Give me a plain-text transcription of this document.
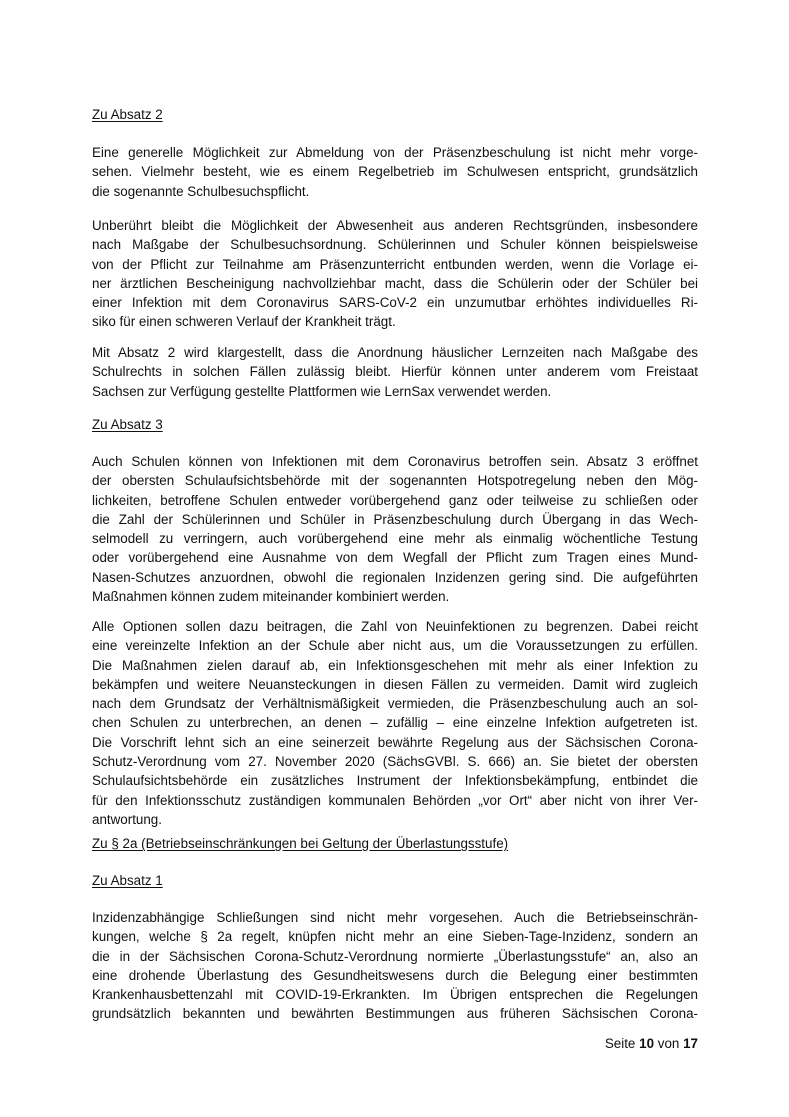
Zu Absatz 2

Eine generelle Möglichkeit zur Abmeldung von der Präsenzbeschulung ist nicht mehr vorge-
sehen. Vielmehr besteht, wie es einem Regelbetrieb im Schulwesen entspricht, grundsätzlich
die sogenannte Schulbesuchspflicht.

Unberührt bleibt die Möglichkeit der Abwesenheit aus anderen Rechtsgründen, insbesondere
nach Maßgabe der Schulbesuchsordnung. Schülerinnen und Schuler können beispielsweise
von der Pflicht zur Teilnahme am Präsenzunterricht entbunden werden, wenn die Vorlage ei-
ner ärztlichen Bescheinigung nachvollziehbar macht, dass die Schülerin oder der Schüler bei
einer Infektion mit dem Coronavirus SARS-CoV-2 ein unzumutbar erhöhtes individuelles Ri-
siko für einen schweren Verlauf der Krankheit trägt.

Mit Absatz 2 wird klargestellt, dass die Anordnung häuslicher Lernzeiten nach Maßgabe des
Schulrechts in solchen Fällen zulässig bleibt. Hierfür können unter anderem vom Freistaat
Sachsen zur Verfügung gestellte Plattformen wie LernSax verwendet werden.

Zu Absatz 3

Auch Schulen können von Infektionen mit dem Coronavirus betroffen sein. Absatz 3 eröffnet
der obersten Schulaufsichtsbehörde mit der sogenannten Hotspotregelung neben den Mög-
lichkeiten, betroffene Schulen entweder vorübergehend ganz oder teilweise zu schließen oder
die Zahl der Schülerinnen und Schüler in Präsenzbeschulung durch Übergang in das Wech-
selmodell zu verringern, auch vorübergehend eine mehr als einmalig wöchentliche Testung
oder vorübergehend eine Ausnahme von dem Wegfall der Pflicht zum Tragen eines Mund-
Nasen-Schutzes anzuordnen, obwohl die regionalen Inzidenzen gering sind. Die aufgeführten
Maßnahmen können zudem miteinander kombiniert werden.

Alle Optionen sollen dazu beitragen, die Zahl von Neuinfektionen zu begrenzen. Dabei reicht
eine vereinzelte Infektion an der Schule aber nicht aus, um die Voraussetzungen zu erfüllen.
Die Maßnahmen zielen darauf ab, ein Infektionsgeschehen mit mehr als einer Infektion zu
bekämpfen und weitere Neuansteckungen in diesen Fällen zu vermeiden. Damit wird zugleich
nach dem Grundsatz der Verhältnismäßigkeit vermieden, die Präsenzbeschulung auch an sol-
chen Schulen zu unterbrechen, an denen – zufällig – eine einzelne Infektion aufgetreten ist.
Die Vorschrift lehnt sich an eine seinerzeit bewährte Regelung aus der Sächsischen Corona-
Schutz-Verordnung vom 27. November 2020 (SächsGVBl. S. 666) an. Sie bietet der obersten
Schulaufsichtsbehörde ein zusätzliches Instrument der Infektionsbekämpfung, entbindet die
für den Infektionsschutz zuständigen kommunalen Behörden „vor Ort“ aber nicht von ihrer Ver-
antwortung.

Zu § 2a (Betriebseinschränkungen bei Geltung der Überlastungsstufe)

Zu Absatz 1

Inzidenzabhängige Schließungen sind nicht mehr vorgesehen. Auch die Betriebseinschrän-
kungen, welche § 2a regelt, knüpfen nicht mehr an eine Sieben-Tage-Inzidenz, sondern an
die in der Sächsischen Corona-Schutz-Verordnung normierte „Überlastungsstufe“ an, also an
eine drohende Überlastung des Gesundheitswesens durch die Belegung einer bestimmten
Krankenhausbettenzahl mit COVID-19-Erkrankten. Im Übrigen entsprechen die Regelungen
grundsätzlich bekannten und bewährten Bestimmungen aus früheren Sächsischen Corona-

Seite 10 von 17
